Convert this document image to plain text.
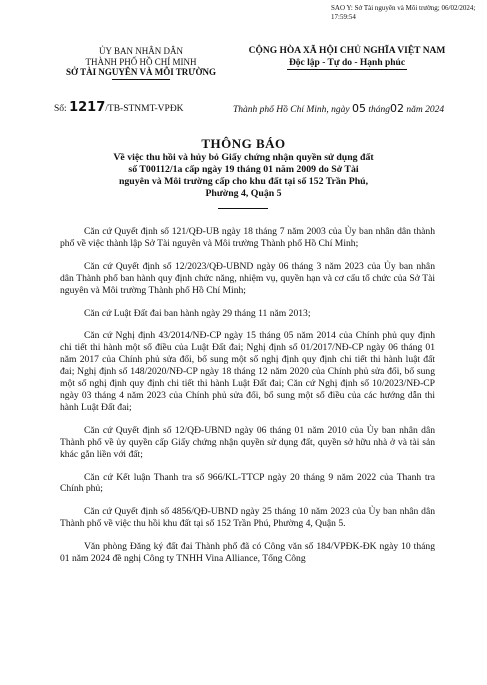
SAO Y: Sở Tài nguyên và Môi trường; 06/02/2024;
17:59:54
ỦY BAN NHÂN DÂN
THÀNH PHỐ HỒ CHÍ MINH
SỞ TÀI NGUYÊN VÀ MÔI TRƯỜNG
CỘNG HÒA XÃ HỘI CHỦ NGHĨA VIỆT NAM
Độc lập - Tự do - Hạnh phúc
Số: 1217/TB-STNMT-VPĐK	Thành phố Hồ Chí Minh, ngày 05 tháng02 năm 2024
THÔNG BÁO
Về việc thu hồi và hủy bỏ Giấy chứng nhận quyền sử dụng đất
số T00112/1a cấp ngày 19 tháng 01 năm 2009 do Sở Tài
nguyên và Môi trường cấp cho khu đất tại số 152 Trần Phú,
Phường 4, Quận 5

Căn cứ Quyết định số 121/QĐ-UB ngày 18 tháng 7 năm 2003 của Ủy ban nhân dân thành phố về việc thành lập Sở Tài nguyên và Môi trường Thành phố Hồ Chí Minh;

Căn cứ Quyết định số 12/2023/QĐ-UBND ngày 06 tháng 3 năm 2023 của Ủy ban nhân dân Thành phố ban hành quy định chức năng, nhiệm vụ, quyền hạn và cơ cấu tổ chức của Sở Tài nguyên và Môi trường Thành phố Hồ Chí Minh;

Căn cứ Luật Đất đai ban hành ngày 29 tháng 11 năm 2013;

Căn cứ Nghị định 43/2014/NĐ-CP ngày 15 tháng 05 năm 2014 của Chính phủ quy định chi tiết thi hành một số điều của Luật Đất đai; Nghị định số 01/2017/NĐ-CP ngày 06 tháng 01 năm 2017 của Chính phủ sửa đổi, bổ sung một số nghị định quy định chi tiết thi hành luật đất đai; Nghị định số 148/2020/NĐ-CP ngày 18 tháng 12 năm 2020 của Chính phủ sửa đổi, bổ sung một số nghị định quy định chi tiết thi hành Luật Đất đai; Căn cứ Nghị định số 10/2023/NĐ-CP ngày 03 tháng 4 năm 2023 của Chính phủ sửa đổi, bổ sung một số điều của các hướng dẫn thi hành Luật Đất đai;

Căn cứ Quyết định số 12/QĐ-UBND ngày 06 tháng 01 năm 2010 của Ủy ban nhân dân Thành phố về ủy quyền cấp Giấy chứng nhận quyền sử dụng đất, quyền sở hữu nhà ở và tài sản khác gắn liền với đất;

Căn cứ Kết luận Thanh tra số 966/KL-TTCP ngày 20 tháng 9 năm 2022 của Thanh tra Chính phủ;

Căn cứ Quyết định số 4856/QĐ-UBND ngày 25 tháng 10 năm 2023 của Ủy ban nhân dân Thành phố về việc thu hồi khu đất tại số 152 Trần Phú, Phường 4, Quận 5.

Văn phòng Đăng ký đất đai Thành phố đã có Công văn số 184/VPĐK-ĐK ngày 10 tháng 01 năm 2024 đề nghị Công ty TNHH Vina Alliance, Tổng Công
